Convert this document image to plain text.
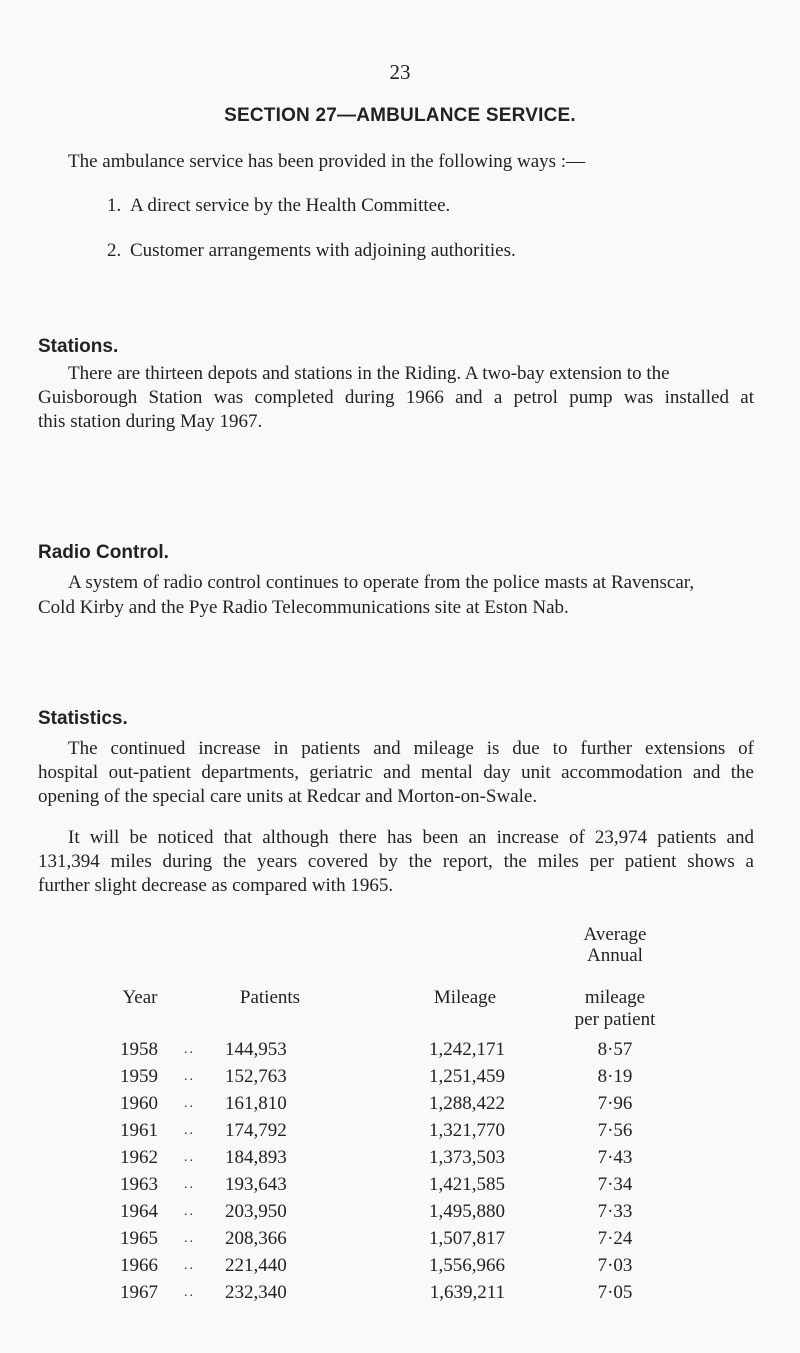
23
SECTION 27—AMBULANCE SERVICE.
The ambulance service has been provided in the following ways :—
1. A direct service by the Health Committee.
2. Customer arrangements with adjoining authorities.
Stations.
There are thirteen depots and stations in the Riding. A two-bay extension to the
Guisborough Station was completed during 1966 and a petrol pump was installed at
this station during May 1967.
Radio Control.
A system of radio control continues to operate from the police masts at Ravenscar,
Cold Kirby and the Pye Radio Telecommunications site at Eston Nab.
Statistics.
The continued increase in patients and mileage is due to further extensions of
hospital out-patient departments, geriatric and mental day unit accommodation and the
opening of the special care units at Redcar and Morton-on-Swale.
It will be noticed that although there has been an increase of 23,974 patients and
131,394 miles during the years covered by the report, the miles per patient shows a
further slight decrease as compared with 1965.
Year	Patients	Mileage
Average
Annual
mileage
per patient
1958	..	144,953	1,242,171	8·57
1959	..	152,763	1,251,459	8·19
1960	..	161,810	1,288,422	7·96
1961	..	174,792	1,321,770	7·56
1962	..	184,893	1,373,503	7·43
1963	..	193,643	1,421,585	7·34
1964	..	203,950	1,495,880	7·33
1965	..	208,366	1,507,817	7·24
1966	..	221,440	1,556,966	7·03
1967	..	232,340	1,639,211	7·05
